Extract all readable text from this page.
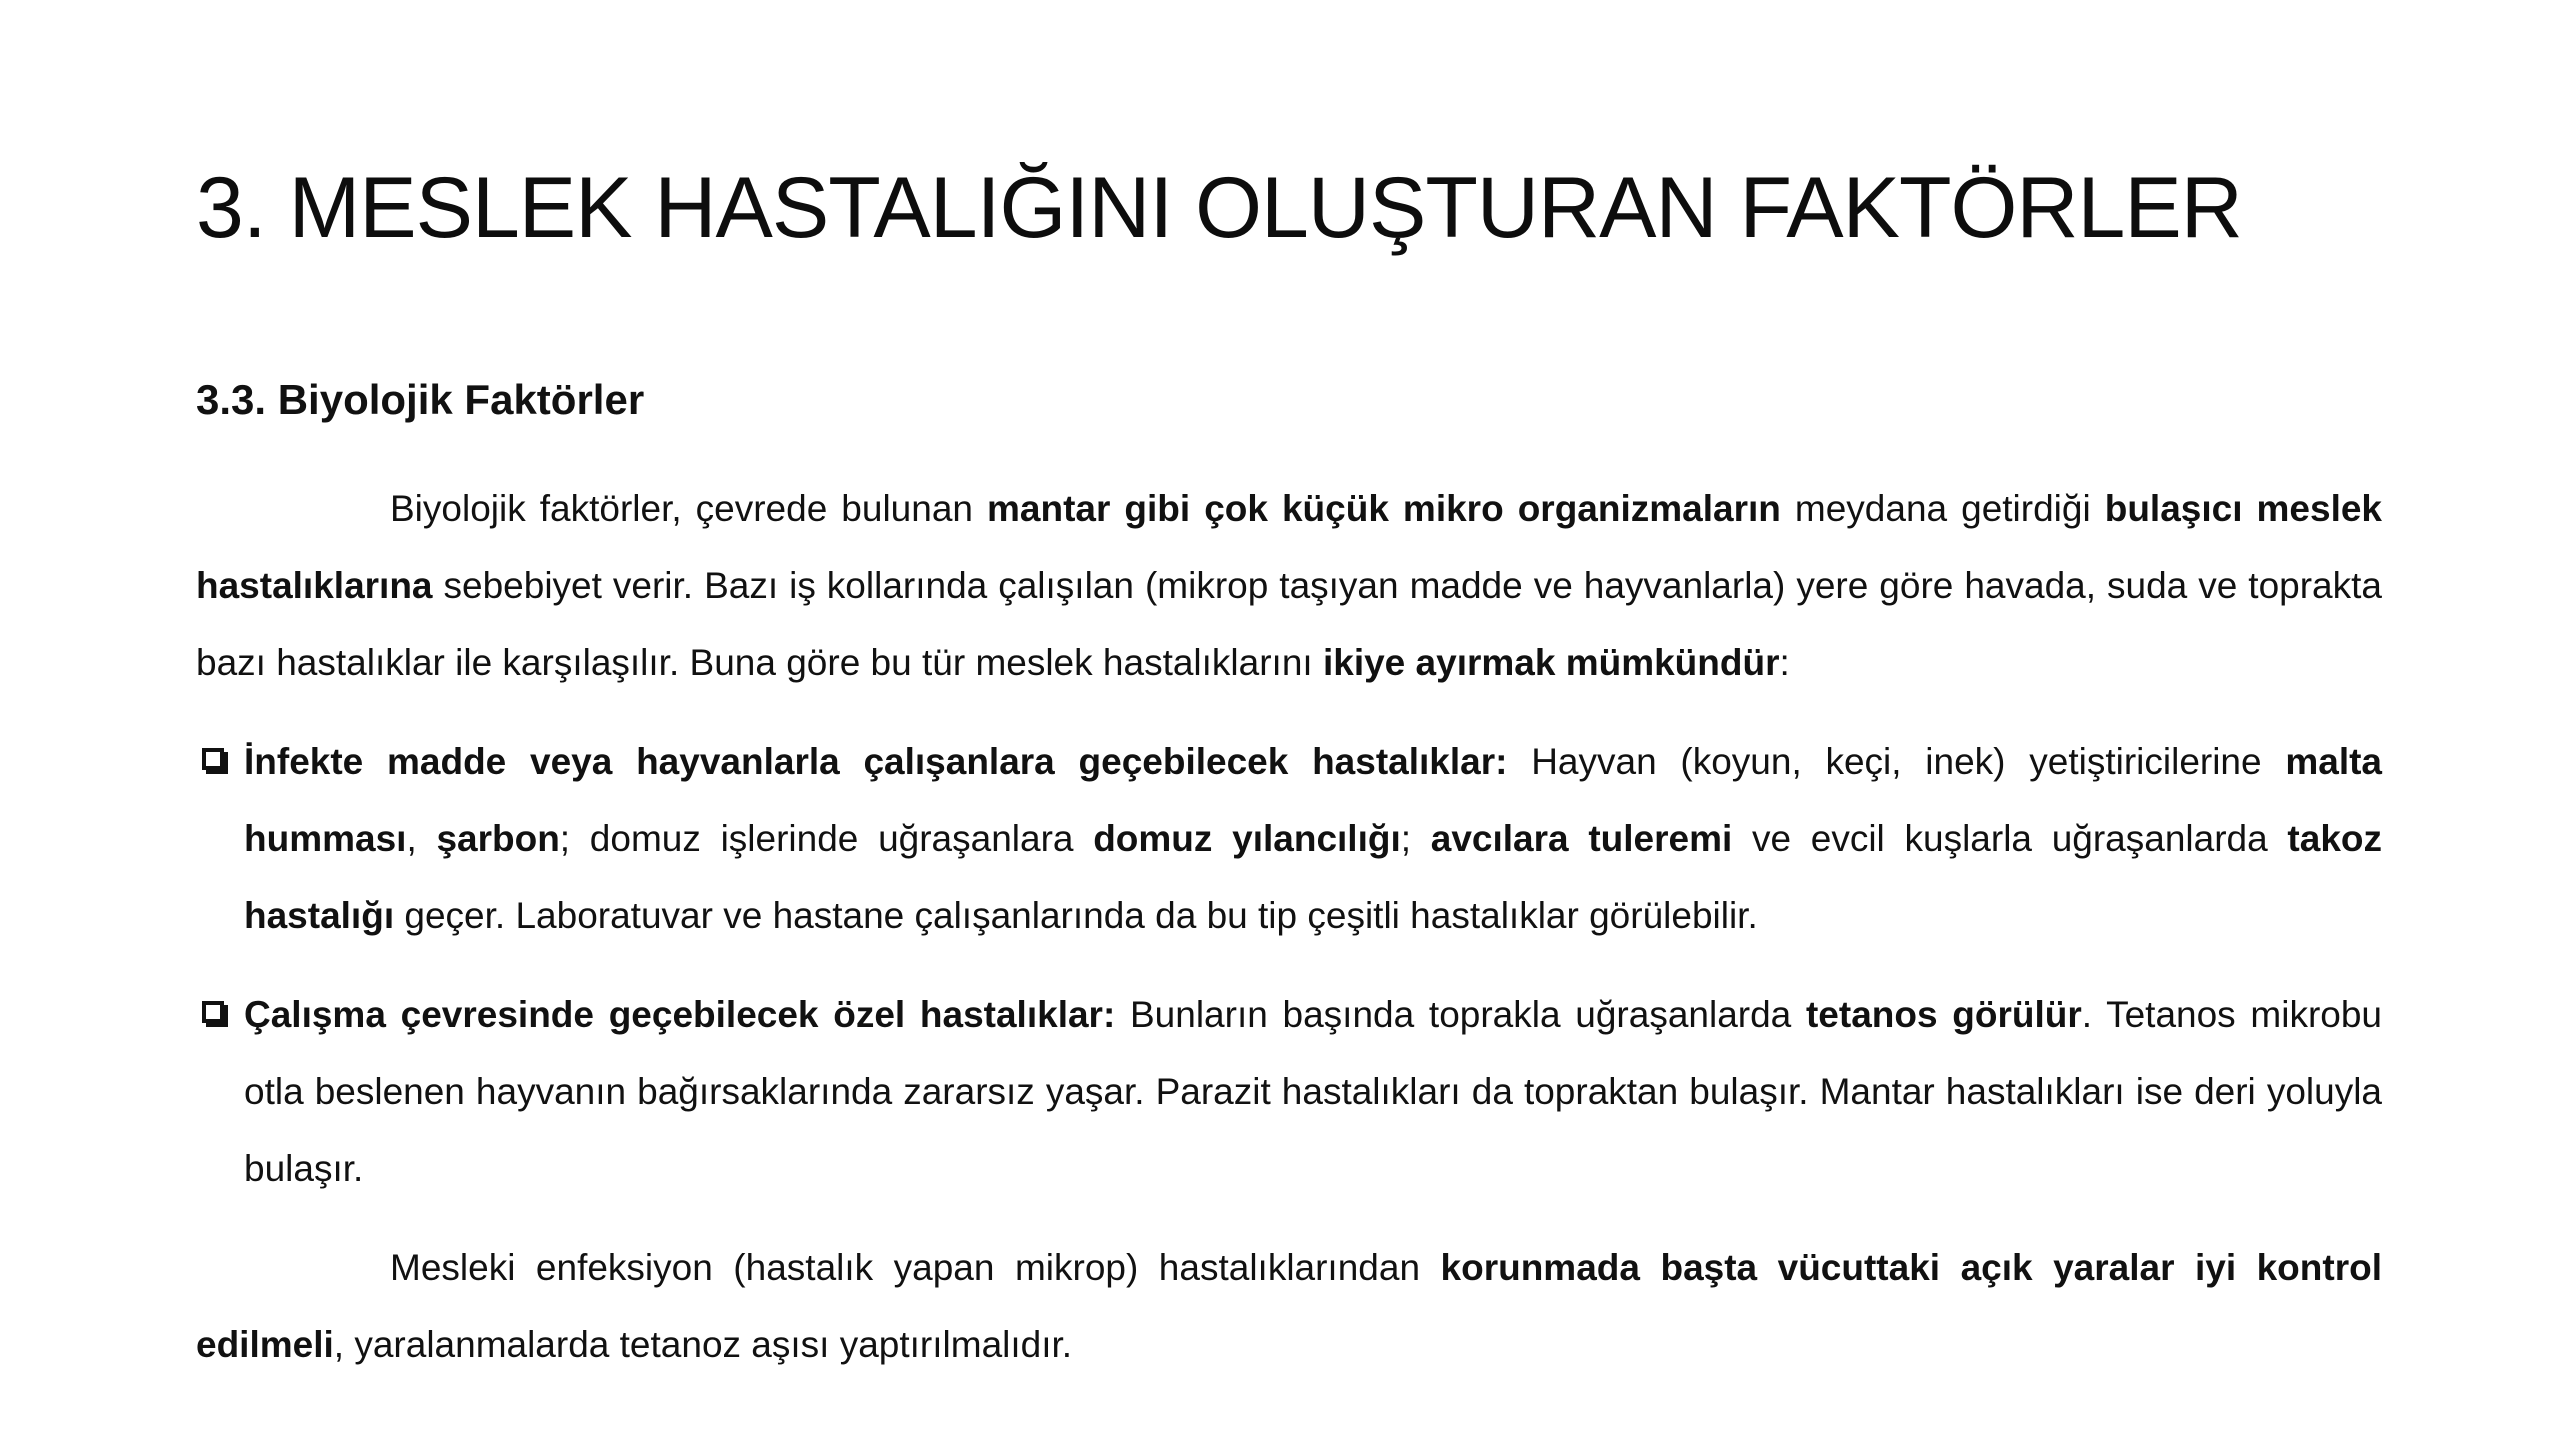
3. MESLEK HASTALIĞINI OLUŞTURAN FAKTÖRLER
3.3. Biyolojik Faktörler

Biyolojik faktörler, çevrede bulunan mantar gibi çok küçük mikro organizmaların meydana getirdiği bulaşıcı meslek hastalıklarına sebebiyet verir. Bazı iş kollarında çalışılan (mikrop taşıyan madde ve hayvanlarla) yere göre havada, suda ve toprakta bazı hastalıklar ile karşılaşılır. Buna göre bu tür meslek hastalıklarını ikiye ayırmak mümkündür:

İnfekte madde veya hayvanlarla çalışanlara geçebilecek hastalıklar: Hayvan (koyun, keçi, inek) yetiştiricilerine malta humması, şarbon; domuz işlerinde uğraşanlara domuz yılancılığı; avcılara tuleremi ve evcil kuşlarla uğraşanlarda takoz hastalığı geçer. Laboratuvar ve hastane çalışanlarında da bu tip çeşitli hastalıklar görülebilir.
Çalışma çevresinde geçebilecek özel hastalıklar: Bunların başında toprakla uğraşanlarda tetanos görülür. Tetanos mikrobu otla beslenen hayvanın bağırsaklarında zararsız yaşar. Parazit hastalıkları da topraktan bulaşır. Mantar hastalıkları ise deri yoluyla bulaşır.

Mesleki enfeksiyon (hastalık yapan mikrop) hastalıklarından korunmada başta vücuttaki açık yaralar iyi kontrol edilmeli, yaralanmalarda tetanoz aşısı yaptırılmalıdır.
